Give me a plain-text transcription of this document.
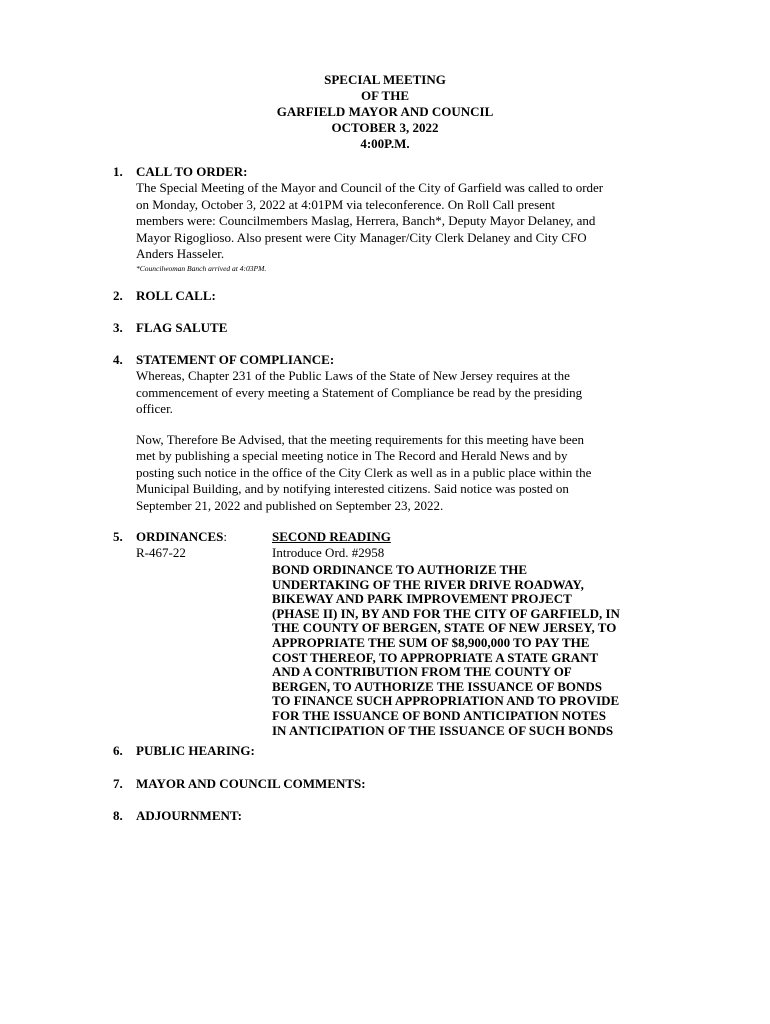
SPECIAL MEETING
OF THE
GARFIELD MAYOR AND COUNCIL
OCTOBER 3, 2022
4:00P.M.
1. CALL TO ORDER:

The Special Meeting of the Mayor and Council of the City of Garfield was called to order

on Monday, October 3, 2022 at 4:01PM via teleconference. On Roll Call present

members were: Councilmembers Maslag, Herrera, Banch*, Deputy Mayor Delaney, and

Mayor Rigoglioso. Also present were City Manager/City Clerk Delaney and City CFO

Anders Hasseler.

*Councilwoman Banch arrived at 4:03PM.
2. ROLL CALL:
3. FLAG SALUTE
4. STATEMENT OF COMPLIANCE:

Whereas, Chapter 231 of the Public Laws of the State of New Jersey requires at the

commencement of every meeting a Statement of Compliance be read by the presiding

officer.

Now, Therefore Be Advised, that the meeting requirements for this meeting have been

met by publishing a special meeting notice in The Record and Herald News and by

posting such notice in the office of the City Clerk as well as in a public place within the

Municipal Building, and by notifying interested citizens. Said notice was posted on

September 21, 2022 and published on September 23, 2022.

5. ORDINANCES:
R-467-22
SECOND READING
Introduce Ord. #2958
BOND ORDINANCE TO AUTHORIZE THE
UNDERTAKING OF THE RIVER DRIVE ROADWAY,
BIKEWAY AND PARK IMPROVEMENT PROJECT
(PHASE II) IN, BY AND FOR THE CITY OF GARFIELD, IN
THE COUNTY OF BERGEN, STATE OF NEW JERSEY, TO
APPROPRIATE THE SUM OF $8,900,000 TO PAY THE
COST THEREOF, TO APPROPRIATE A STATE GRANT
AND A CONTRIBUTION FROM THE COUNTY OF
BERGEN, TO AUTHORIZE THE ISSUANCE OF BONDS
TO FINANCE SUCH APPROPRIATION AND TO PROVIDE
FOR THE ISSUANCE OF BOND ANTICIPATION NOTES
IN ANTICIPATION OF THE ISSUANCE OF SUCH BONDS
6. PUBLIC HEARING:
7. MAYOR AND COUNCIL COMMENTS:
8. ADJOURNMENT:
